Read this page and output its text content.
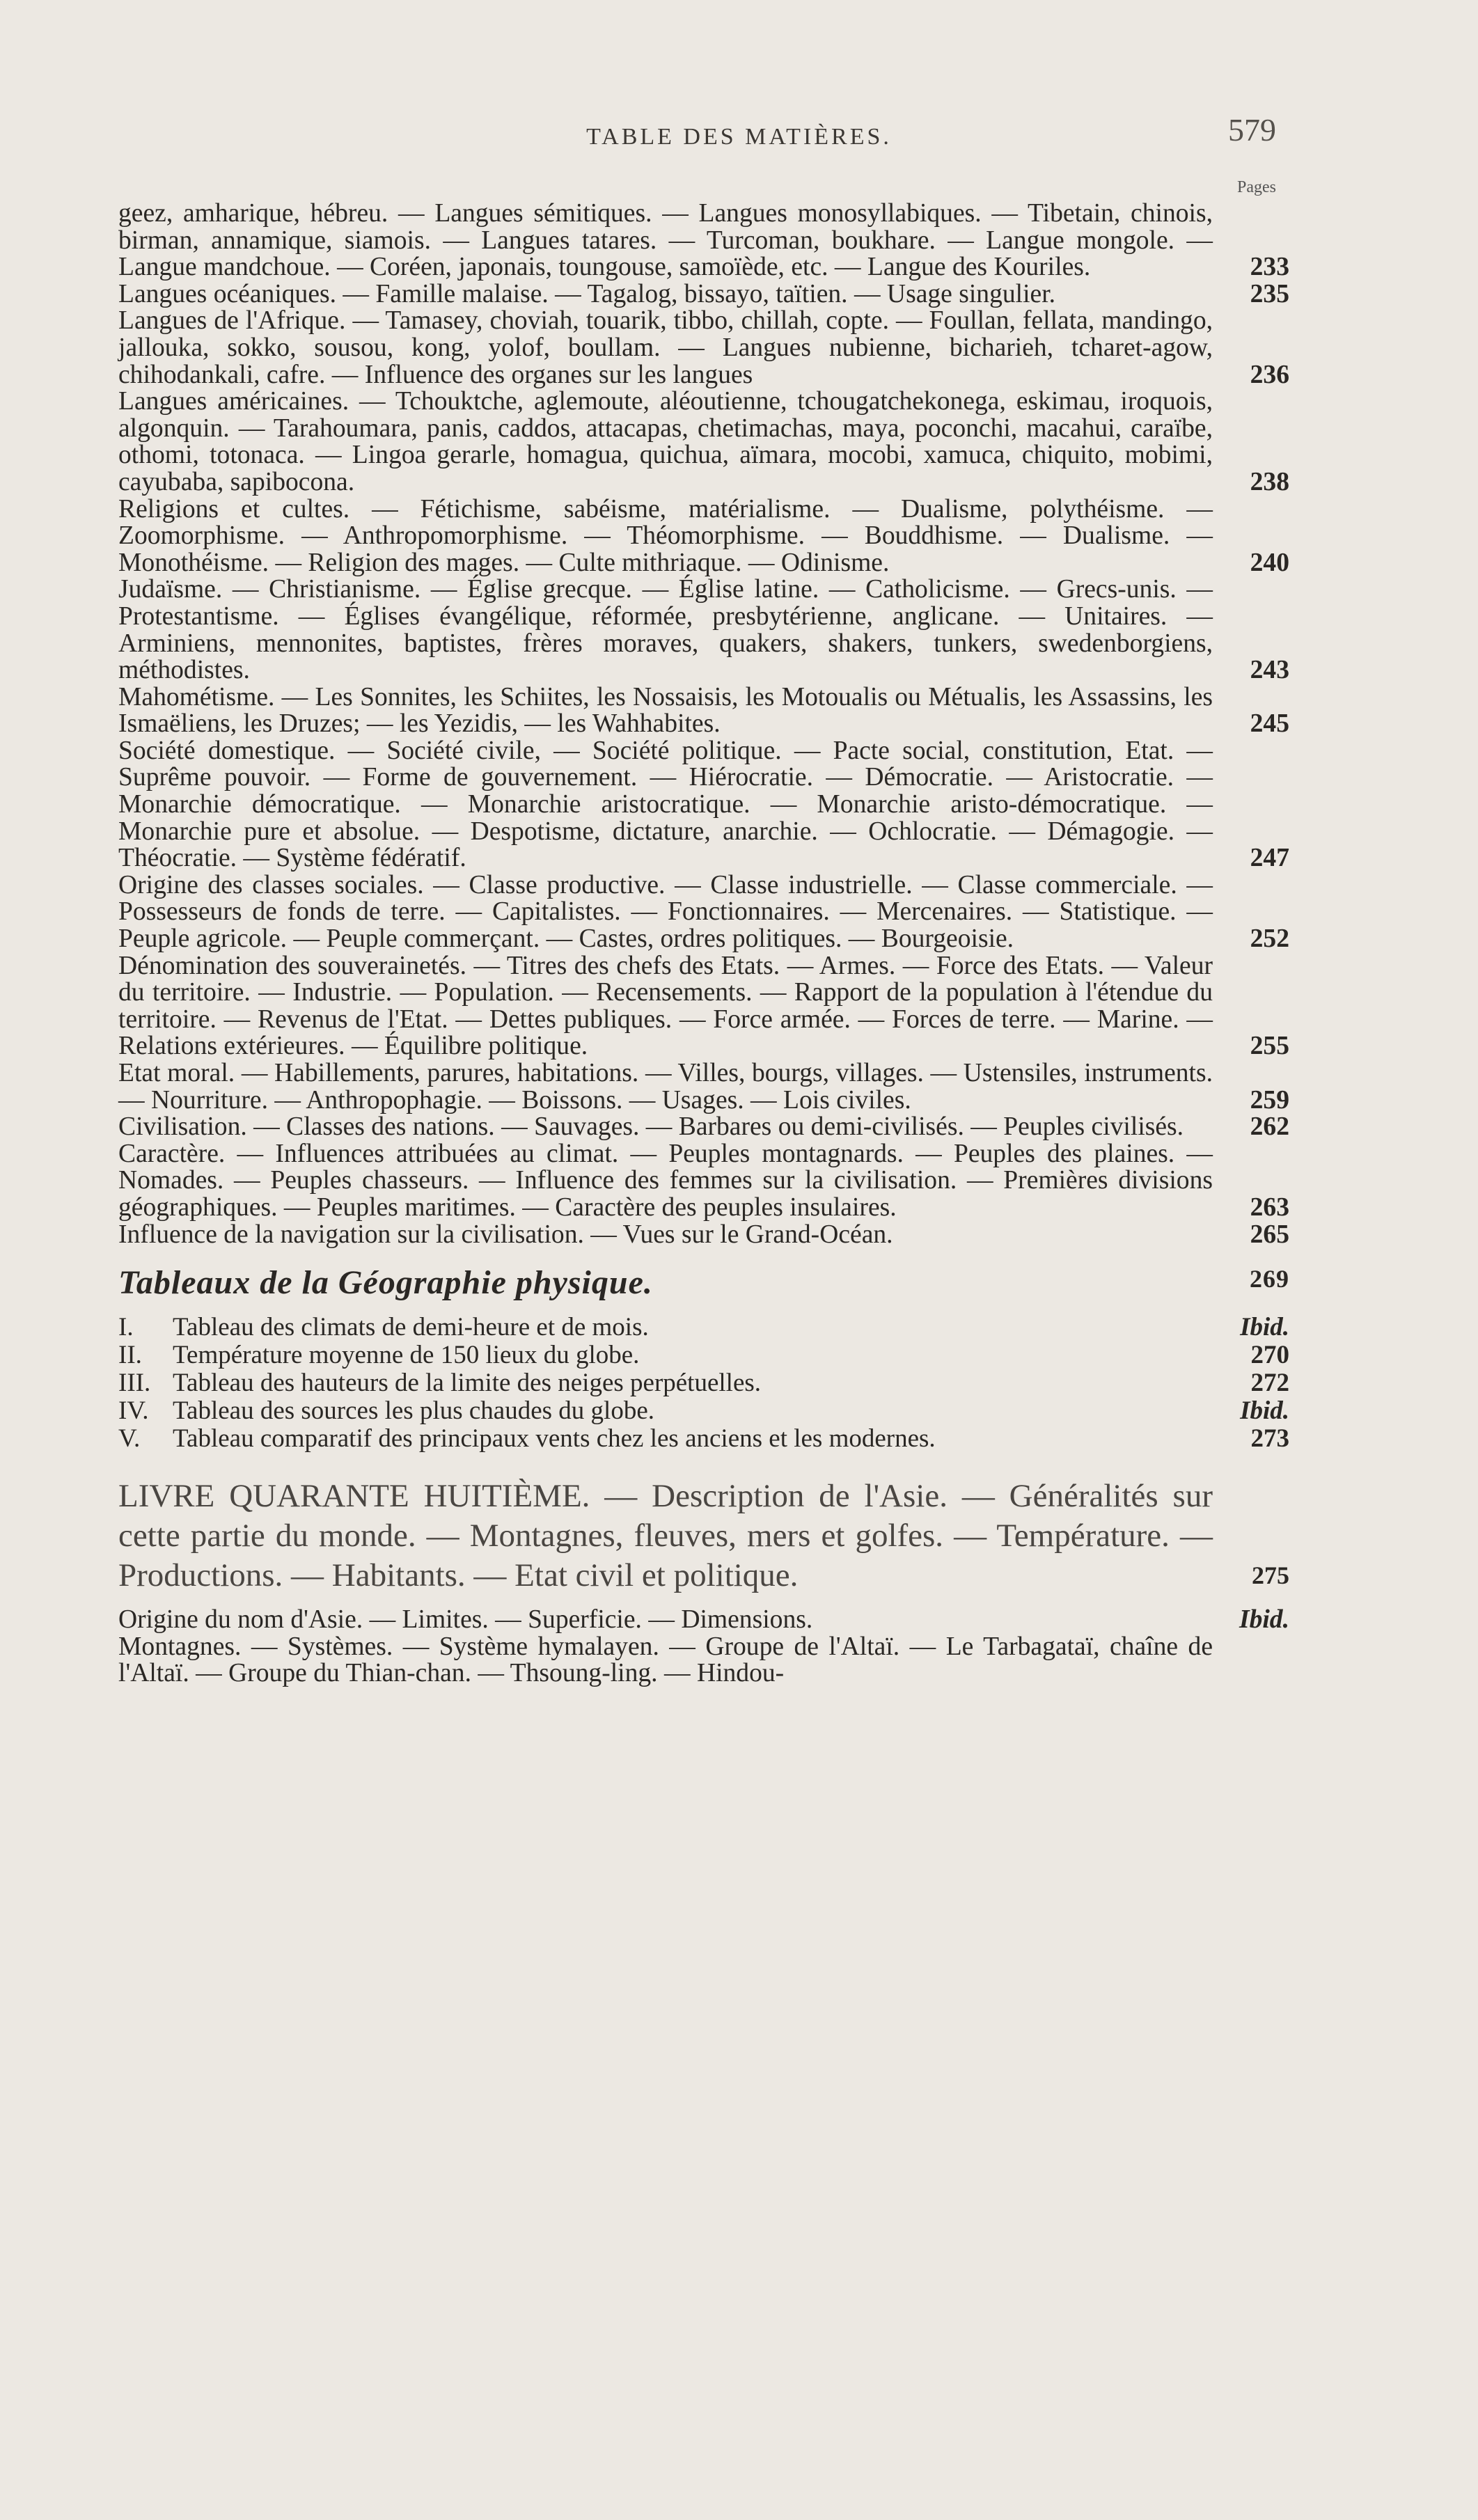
TABLE DES MATIÈRES.	579
Pages
geez, amharique, hébreu. — Langues sémitiques. — Langues monosyllabiques. — Tibetain, chinois, birman, annamique, siamois. — Langues tatares. — Turcoman, boukhare. — Langue mongole. — Langue mandchoue. — Coréen, japonais, toungouse, samoïède, etc. — Langue des Kouriles.	233
Langues océaniques. — Famille malaise. — Tagalog, bissayo, taïtien. — Usage singulier.	235
Langues de l'Afrique. — Tamasey, choviah, touarik, tibbo, chillah, copte. — Foullan, fellata, mandingo, jallouka, sokko, sousou, kong, yolof, boullam. — Langues nubienne, bicharieh, tcharet-agow, chihodankali, cafre. — Influence des organes sur les langues	236
Langues américaines. — Tchouktche, aglemoute, aléoutienne, tchougatchekonega, eskimau, iroquois, algonquin. — Tarahoumara, panis, caddos, attacapas, chetimachas, maya, poconchi, macahui, caraïbe, othomi, totonaca. — Lingoa gerarle, homagua, quichua, aïmara, mocobi, xamuca, chiquito, mobimi, cayubaba, sapibocona.	238
Religions et cultes. — Fétichisme, sabéisme, matérialisme. — Dualisme, polythéisme. — Zoomorphisme. — Anthropomorphisme. — Théomorphisme. — Bouddhisme. — Dualisme. — Monothéisme. — Religion des mages. — Culte mithriaque. — Odinisme.	240
Judaïsme. — Christianisme. — Église grecque. — Église latine. — Catholicisme. — Grecs-unis. — Protestantisme. — Églises évangélique, réformée, presbytérienne, anglicane. — Unitaires. — Arminiens, mennonites, baptistes, frères moraves, quakers, shakers, tunkers, swedenborgiens, méthodistes.	243
Mahométisme. — Les Sonnites, les Schiites, les Nossaisis, les Motoualis ou Métualis, les Assassins, les Ismaëliens, les Druzes; — les Yezidis, — les Wahhabites.	245
Société domestique. — Société civile, — Société politique. — Pacte social, constitution, Etat. — Suprême pouvoir. — Forme de gouvernement. — Hiérocratie. — Démocratie. — Aristocratie. — Monarchie démocratique. — Monarchie aristocratique. — Monarchie aristo-démocratique. — Monarchie pure et absolue. — Despotisme, dictature, anarchie. — Ochlocratie. — Démagogie. — Théocratie. — Système fédératif.	247
Origine des classes sociales. — Classe productive. — Classe industrielle. — Classe commerciale. — Possesseurs de fonds de terre. — Capitalistes. — Fonctionnaires. — Mercenaires. — Statistique. — Peuple agricole. — Peuple commerçant. — Castes, ordres politiques. — Bourgeoisie.	252
Dénomination des souverainetés. — Titres des chefs des Etats. — Armes. — Force des Etats. — Valeur du territoire. — Industrie. — Population. — Recensements. — Rapport de la population à l'étendue du territoire. — Revenus de l'Etat. — Dettes publiques. — Force armée. — Forces de terre. — Marine. — Relations extérieures. — Équilibre politique.	255
Etat moral. — Habillements, parures, habitations. — Villes, bourgs, villages. — Ustensiles, instruments. — Nourriture. — Anthropophagie. — Boissons. — Usages. — Lois civiles.	259
Civilisation. — Classes des nations. — Sauvages. — Barbares ou demi-civilisés. — Peuples civilisés.	262
Caractère. — Influences attribuées au climat. — Peuples montagnards. — Peuples des plaines. — Nomades. — Peuples chasseurs. — Influence des femmes sur la civilisation. — Premières divisions géographiques. — Peuples maritimes. — Caractère des peuples insulaires.	263
Influence de la navigation sur la civilisation. — Vues sur le Grand-Océan.	265
Tableaux de la Géographie physique.	269
I. Tableau des climats de demi-heure et de mois.	Ibid.
II. Température moyenne de 150 lieux du globe.	270
III. Tableau des hauteurs de la limite des neiges perpétuelles.	272
IV. Tableau des sources les plus chaudes du globe.	Ibid.
V. Tableau comparatif des principaux vents chez les anciens et les modernes.	273
LIVRE QUARANTE HUITIÈME. — Description de l'Asie. — Généralités sur cette partie du monde. — Montagnes, fleuves, mers et golfes. — Température. — Productions. — Habitants. — Etat civil et politique.	275
Origine du nom d'Asie. — Limites. — Superficie. — Dimensions.	Ibid.
Montagnes. — Systèmes. — Système hymalayen. — Groupe de l'Altaï. — Le Tarbagataï, chaîne de l'Altaï. — Groupe du Thian-chan. — Thsoung-ling. — Hindou-
